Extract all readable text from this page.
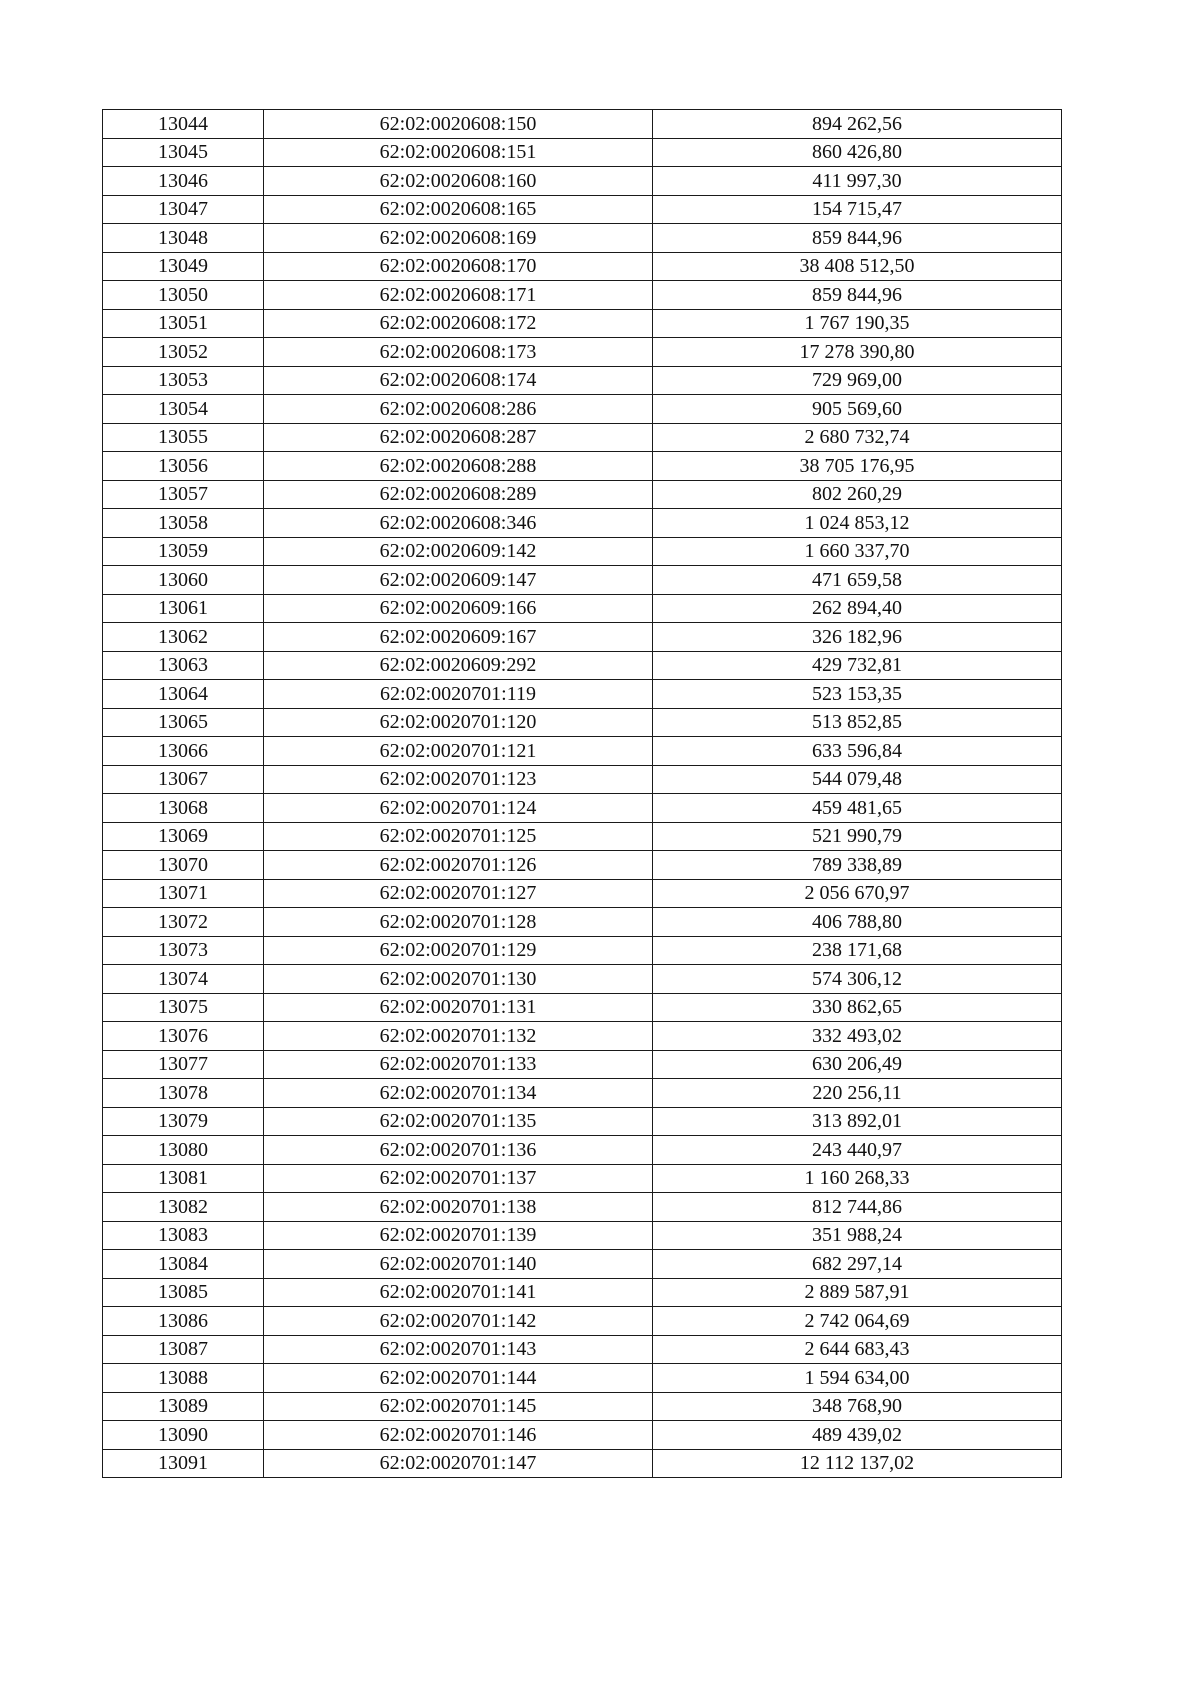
13044	62:02:0020608:150	894 262,56
13045	62:02:0020608:151	860 426,80
13046	62:02:0020608:160	411 997,30
13047	62:02:0020608:165	154 715,47
13048	62:02:0020608:169	859 844,96
13049	62:02:0020608:170	38 408 512,50
13050	62:02:0020608:171	859 844,96
13051	62:02:0020608:172	1 767 190,35
13052	62:02:0020608:173	17 278 390,80
13053	62:02:0020608:174	729 969,00
13054	62:02:0020608:286	905 569,60
13055	62:02:0020608:287	2 680 732,74
13056	62:02:0020608:288	38 705 176,95
13057	62:02:0020608:289	802 260,29
13058	62:02:0020608:346	1 024 853,12
13059	62:02:0020609:142	1 660 337,70
13060	62:02:0020609:147	471 659,58
13061	62:02:0020609:166	262 894,40
13062	62:02:0020609:167	326 182,96
13063	62:02:0020609:292	429 732,81
13064	62:02:0020701:119	523 153,35
13065	62:02:0020701:120	513 852,85
13066	62:02:0020701:121	633 596,84
13067	62:02:0020701:123	544 079,48
13068	62:02:0020701:124	459 481,65
13069	62:02:0020701:125	521 990,79
13070	62:02:0020701:126	789 338,89
13071	62:02:0020701:127	2 056 670,97
13072	62:02:0020701:128	406 788,80
13073	62:02:0020701:129	238 171,68
13074	62:02:0020701:130	574 306,12
13075	62:02:0020701:131	330 862,65
13076	62:02:0020701:132	332 493,02
13077	62:02:0020701:133	630 206,49
13078	62:02:0020701:134	220 256,11
13079	62:02:0020701:135	313 892,01
13080	62:02:0020701:136	243 440,97
13081	62:02:0020701:137	1 160 268,33
13082	62:02:0020701:138	812 744,86
13083	62:02:0020701:139	351 988,24
13084	62:02:0020701:140	682 297,14
13085	62:02:0020701:141	2 889 587,91
13086	62:02:0020701:142	2 742 064,69
13087	62:02:0020701:143	2 644 683,43
13088	62:02:0020701:144	1 594 634,00
13089	62:02:0020701:145	348 768,90
13090	62:02:0020701:146	489 439,02
13091	62:02:0020701:147	12 112 137,02
